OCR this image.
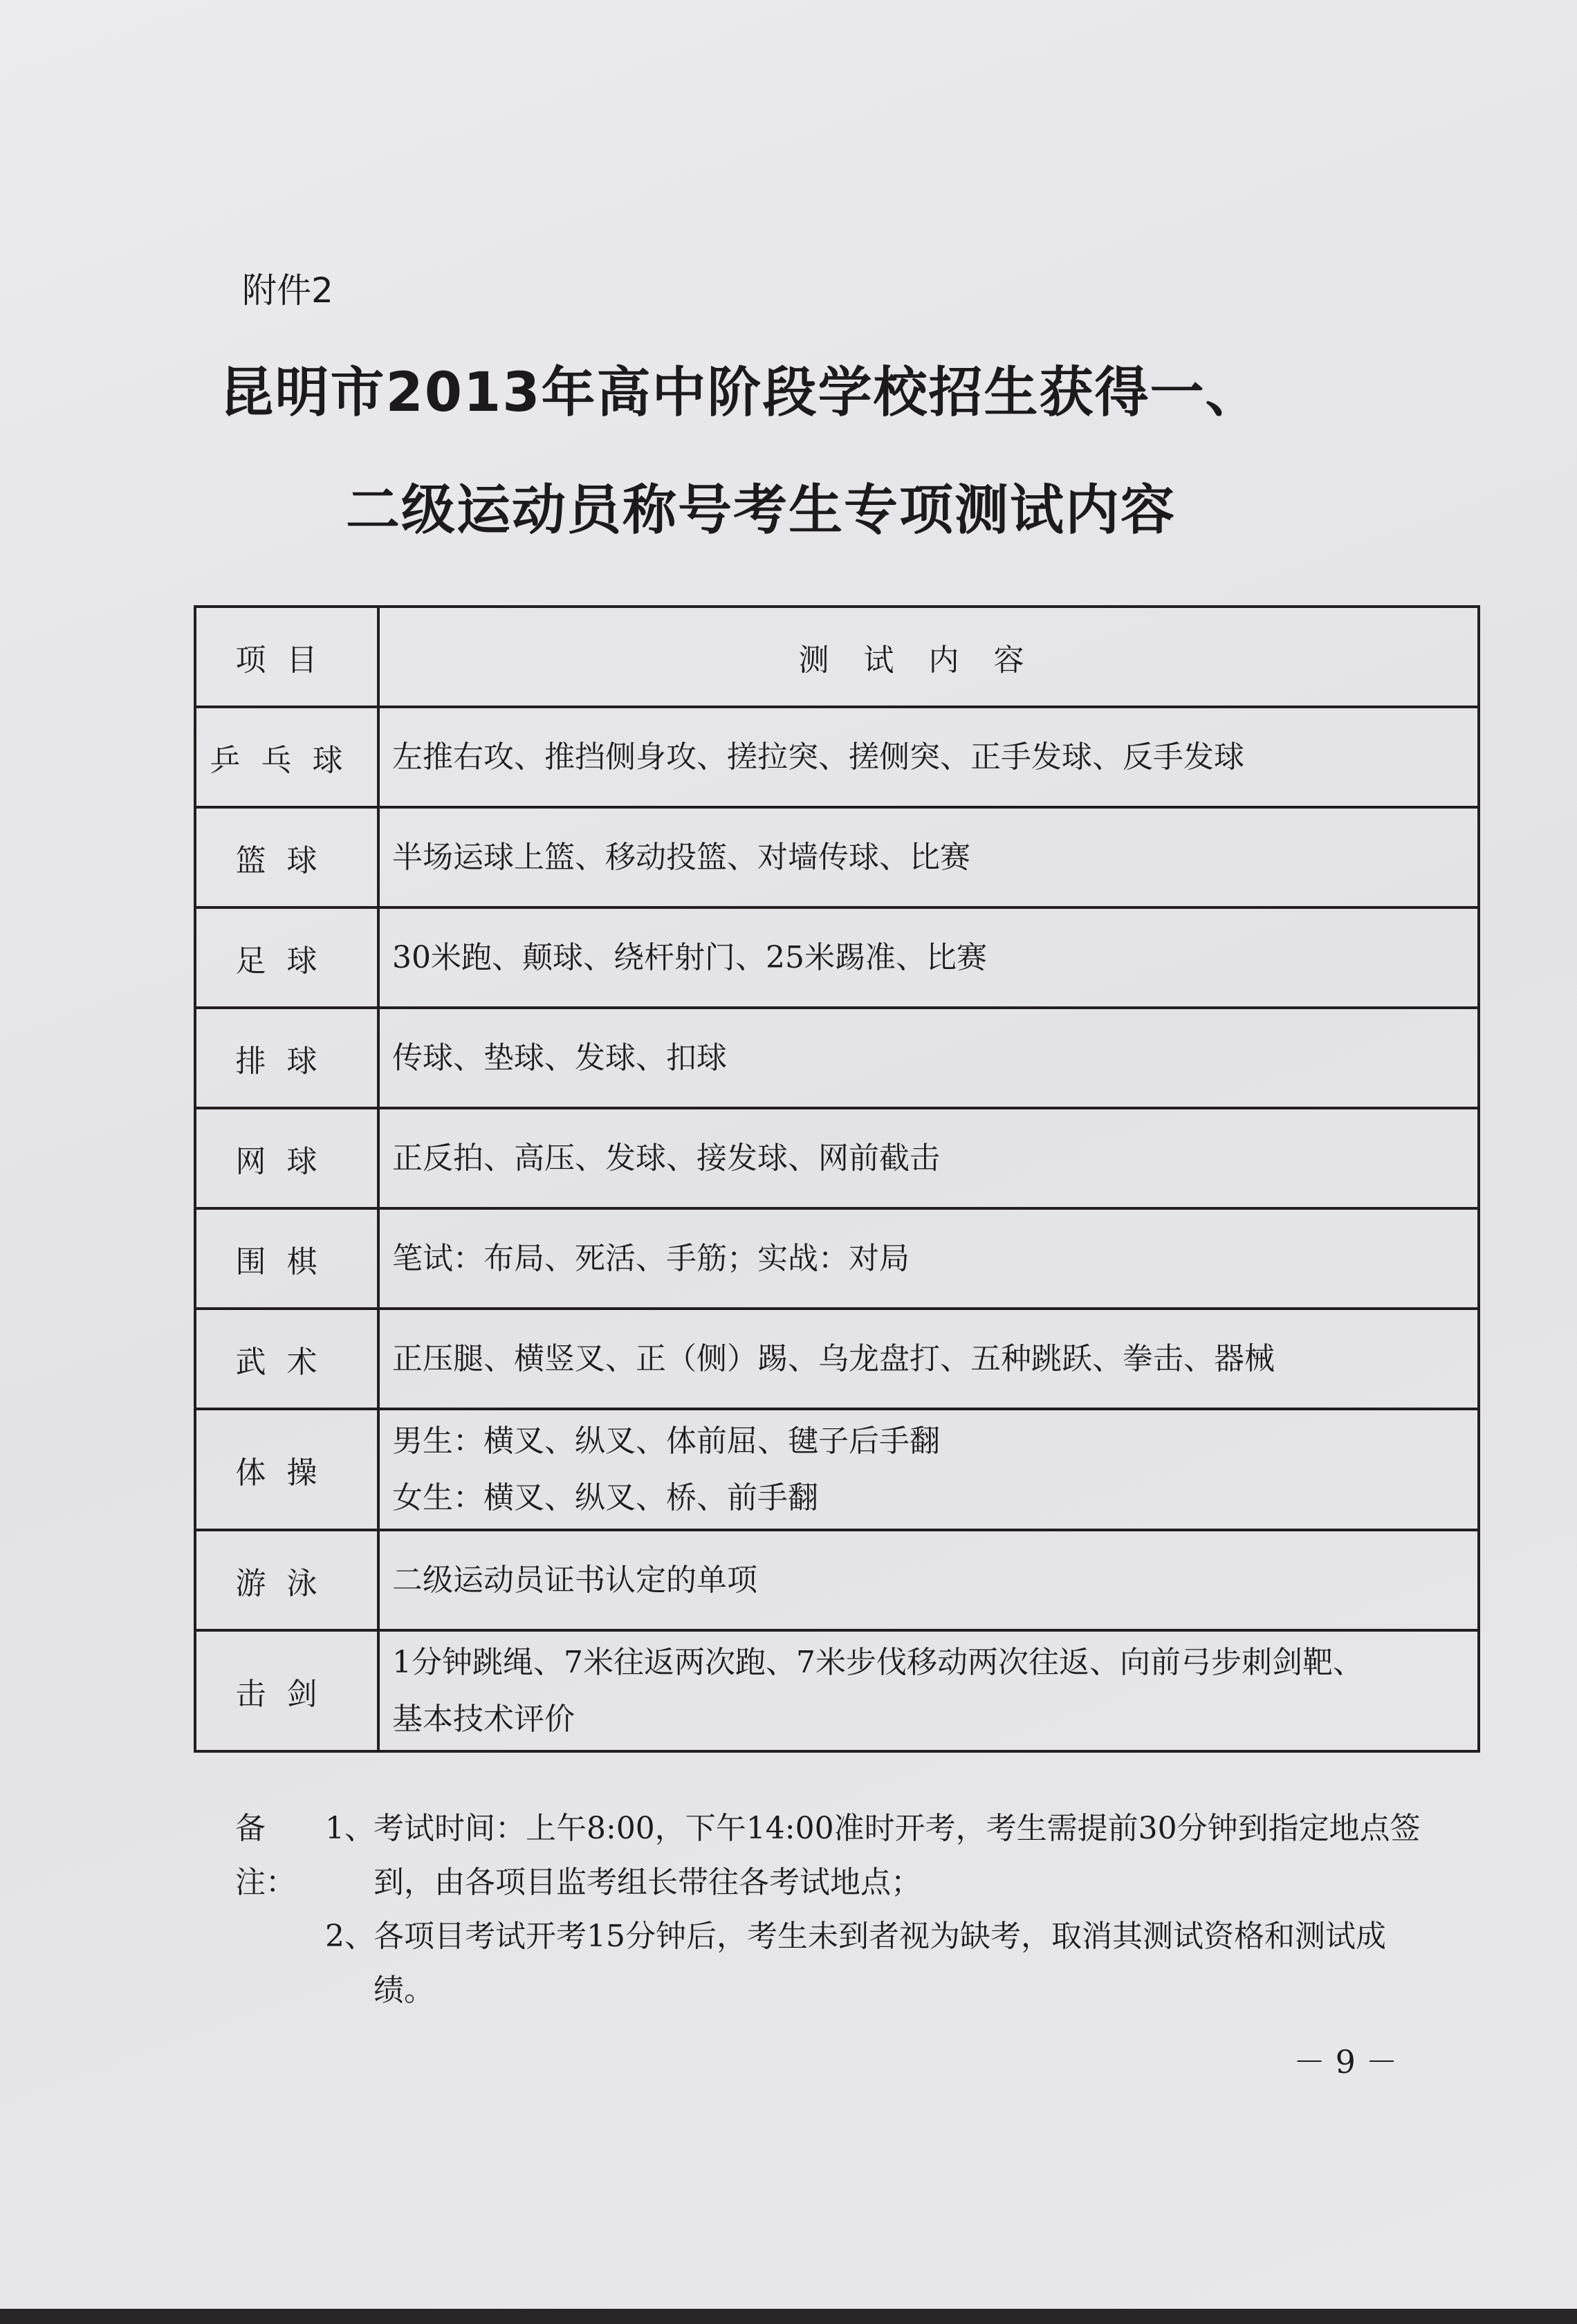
附件2
昆明市2013年高中阶段学校招生获得一、
二级运动员称号考生专项测试内容
项目	测试内容
乒乓球	左推右攻、推挡侧身攻、搓拉突、搓侧突、正手发球、反手发球

篮球	半场运球上篮、移动投篮、对墙传球、比赛

足球	30米跑、颠球、绕杆射门、25米踢准、比赛

排球	传球、垫球、发球、扣球

网球	正反拍、高压、发球、接发球、网前截击

围棋	笔试：布局、死活、手筋；实战：对局

武术	正压腿、横竖叉、正（侧）踢、乌龙盘打、五种跳跃、拳击、器械

体操	男生：横叉、纵叉、体前屈、毽子后手翻
女生：横叉、纵叉、桥、前手翻

游泳	二级运动员证书认定的单项

击剑	1分钟跳绳、7米往返两次跑、7米步伐移动两次往返、向前弓步刺剑靶、
基本技术评价
备注：
1、
考试时间：上午8:00，下午14:00准时开考，考生需提前30分钟到指定地点签到，由各项目监考组长带往各考试地点；
2、
各项目考试开考15分钟后，考生未到者视为缺考，取消其测试资格和测试成绩。
－ 9 －
